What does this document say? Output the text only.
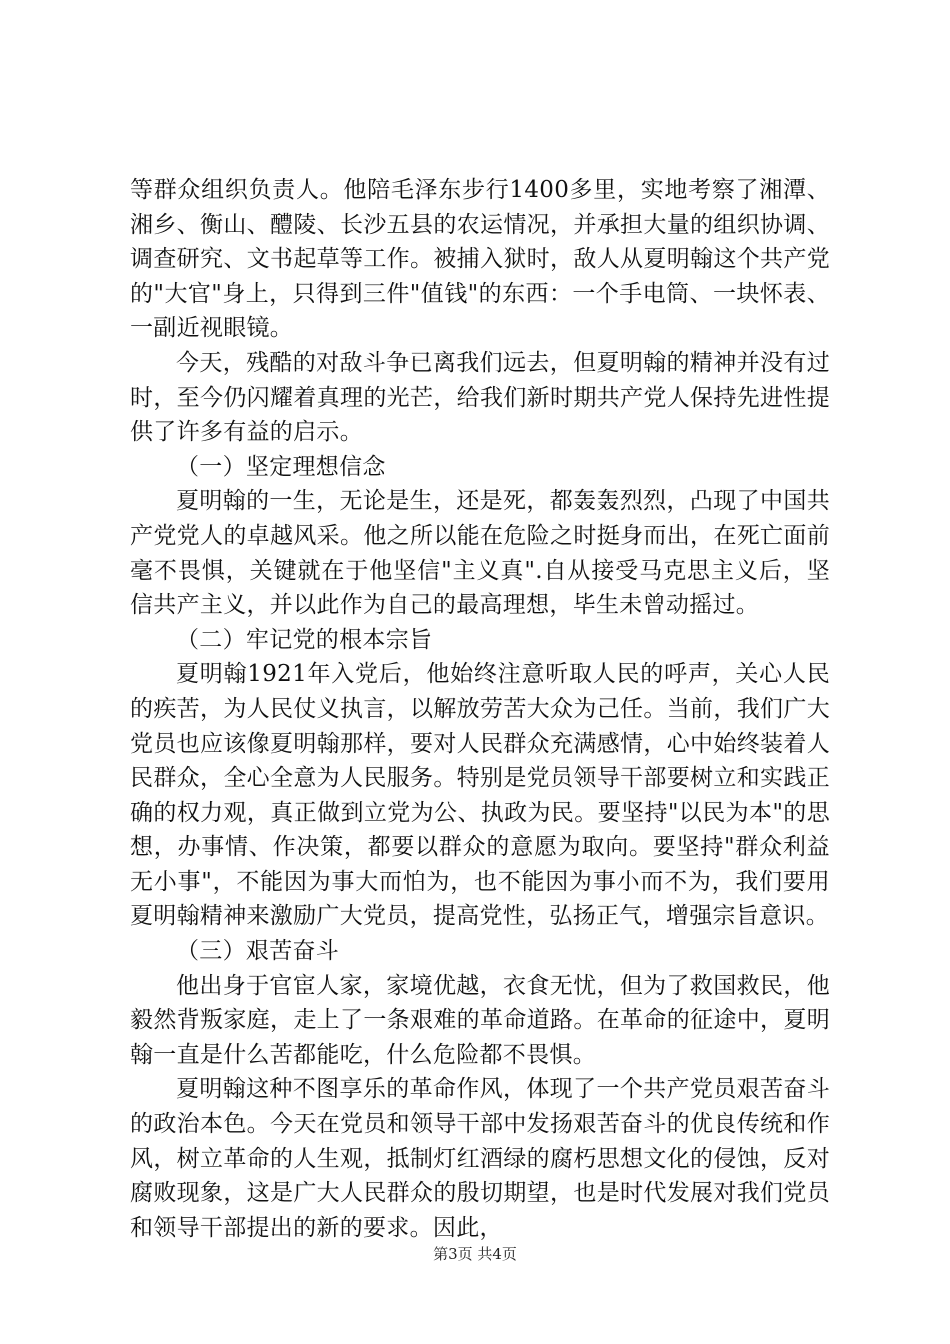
等群众组织负责人。他陪毛泽东步行1400多里，实地考察了湘潭、湘乡、衡山、醴陵、长沙五县的农运情况，并承担大量的组织协调、调查研究、文书起草等工作。被捕入狱时，敌人从夏明翰这个共产党的"大官"身上，只得到三件"值钱"的东西：一个手电筒、一块怀表、一副近视眼镜。

今天，残酷的对敌斗争已离我们远去，但夏明翰的精神并没有过时，至今仍闪耀着真理的光芒，给我们新时期共产党人保持先进性提供了许多有益的启示。

（一）坚定理想信念

夏明翰的一生，无论是生，还是死，都轰轰烈烈，凸现了中国共产党党人的卓越风采。他之所以能在危险之时挺身而出，在死亡面前毫不畏惧，关键就在于他坚信"主义真".自从接受马克思主义后，坚信共产主义，并以此作为自己的最高理想，毕生未曾动摇过。

（二）牢记党的根本宗旨

夏明翰1921年入党后，他始终注意听取人民的呼声，关心人民的疾苦，为人民仗义执言，以解放劳苦大众为己任。当前，我们广大党员也应该像夏明翰那样，要对人民群众充满感情，心中始终装着人民群众，全心全意为人民服务。特别是党员领导干部要树立和实践正确的权力观，真正做到立党为公、执政为民。要坚持"以民为本"的思想，办事情、作决策，都要以群众的意愿为取向。要坚持"群众利益无小事"，不能因为事大而怕为，也不能因为事小而不为，我们要用夏明翰精神来激励广大党员，提高党性，弘扬正气，增强宗旨意识。

（三）艰苦奋斗

他出身于官宦人家，家境优越，衣食无忧，但为了救国救民，他毅然背叛家庭，走上了一条艰难的革命道路。在革命的征途中，夏明翰一直是什么苦都能吃，什么危险都不畏惧。

夏明翰这种不图享乐的革命作风，体现了一个共产党员艰苦奋斗的政治本色。今天在党员和领导干部中发扬艰苦奋斗的优良传统和作风，树立革命的人生观，抵制灯红酒绿的腐朽思想文化的侵蚀，反对腐败现象，这是广大人民群众的殷切期望，也是时代发展对我们党员和领导干部提出的新的要求。因此，

第3页 共4页
